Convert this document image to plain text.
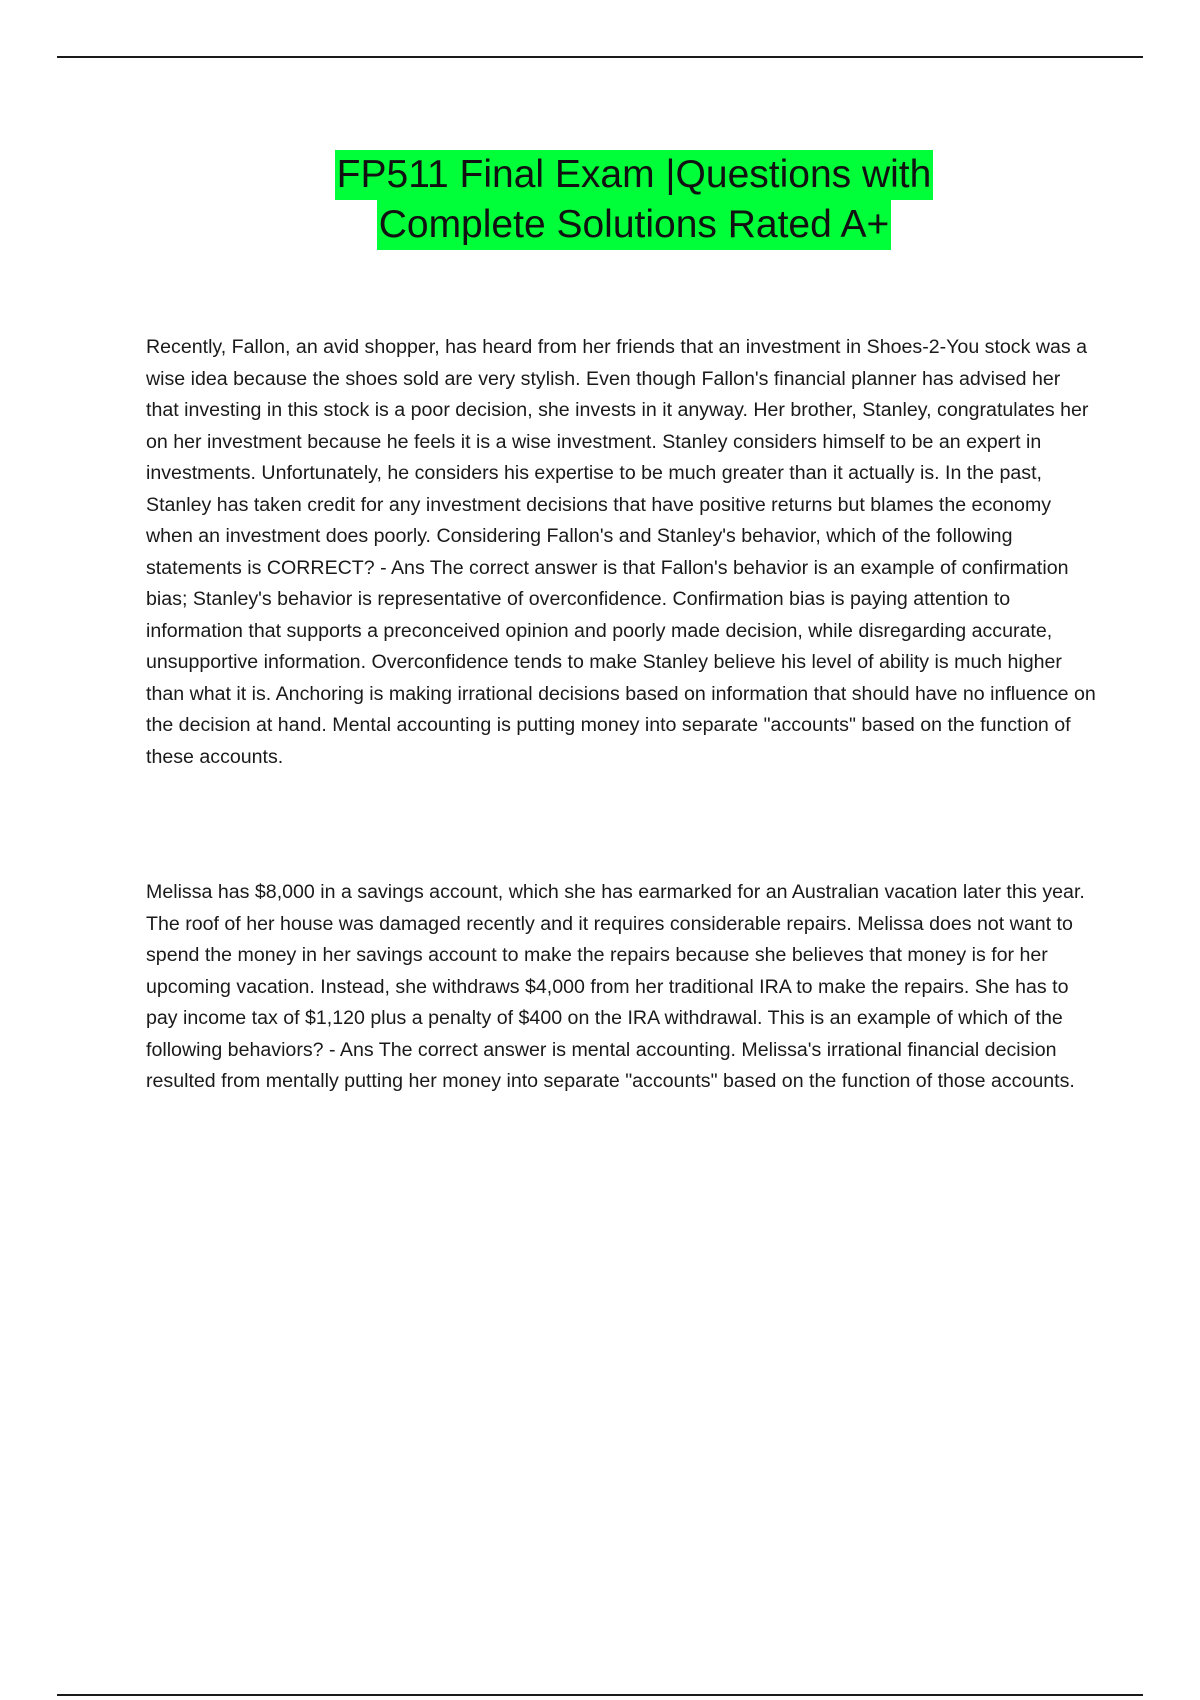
FP511 Final Exam |Questions with
Complete Solutions Rated A+

Recently, Fallon, an avid shopper, has heard from her friends that an investment in Shoes-2-You stock was a wise idea because the shoes sold are very stylish. Even though Fallon's financial planner has advised her that investing in this stock is a poor decision, she invests in it anyway. Her brother, Stanley, congratulates her on her investment because he feels it is a wise investment. Stanley considers himself to be an expert in investments. Unfortunately, he considers his expertise to be much greater than it actually is. In the past, Stanley has taken credit for any investment decisions that have positive returns but blames the economy when an investment does poorly. Considering Fallon's and Stanley's behavior, which of the following statements is CORRECT? - Ans The correct answer is that Fallon's behavior is an example of confirmation bias; Stanley's behavior is representative of overconfidence. Confirmation bias is paying attention to information that supports a preconceived opinion and poorly made decision, while disregarding accurate, unsupportive information. Overconfidence tends to make Stanley believe his level of ability is much higher than what it is. Anchoring is making irrational decisions based on information that should have no influence on the decision at hand. Mental accounting is putting money into separate "accounts" based on the function of these accounts.

Melissa has $8,000 in a savings account, which she has earmarked for an Australian vacation later this year. The roof of her house was damaged recently and it requires considerable repairs. Melissa does not want to spend the money in her savings account to make the repairs because she believes that money is for her upcoming vacation. Instead, she withdraws $4,000 from her traditional IRA to make the repairs. She has to pay income tax of $1,120 plus a penalty of $400 on the IRA withdrawal. This is an example of which of the following behaviors? - Ans The correct answer is mental accounting. Melissa's irrational financial decision resulted from mentally putting her money into separate "accounts" based on the function of those accounts.
